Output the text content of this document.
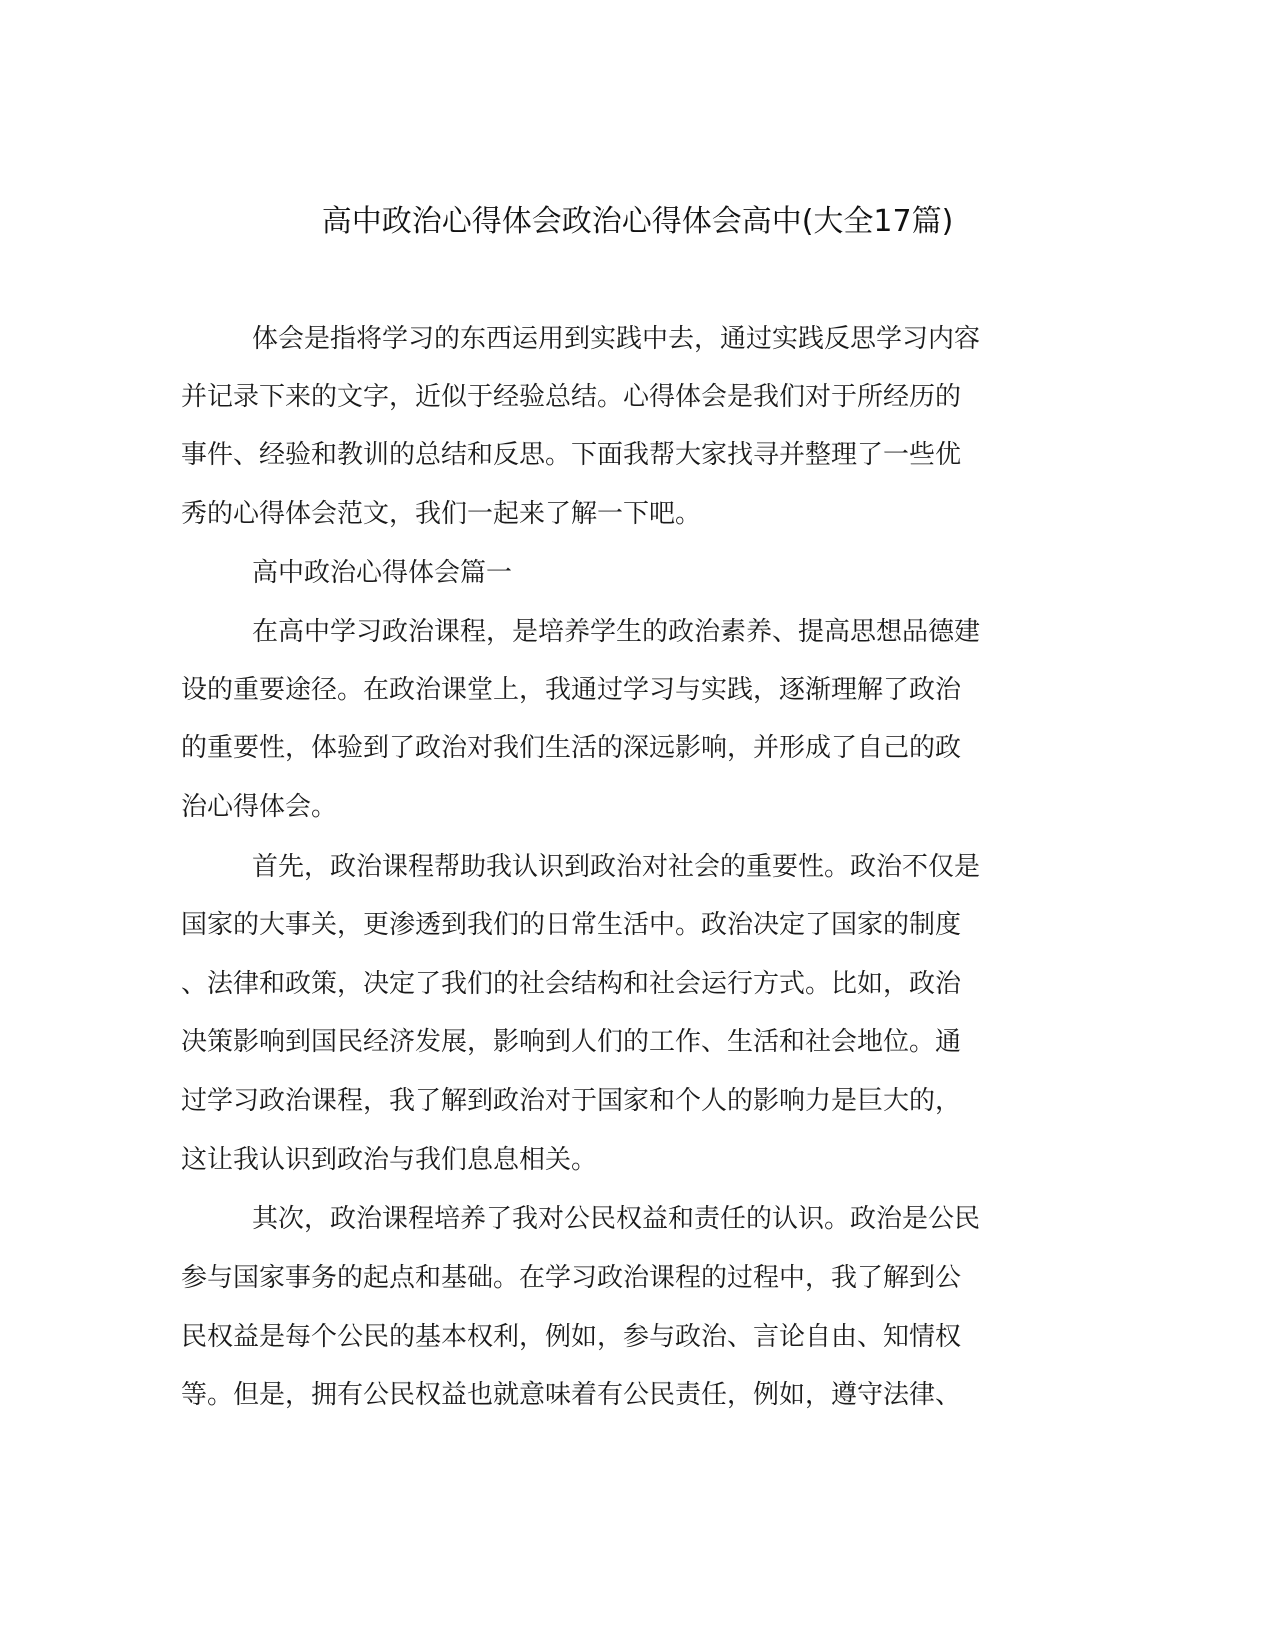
高中政治心得体会政治心得体会高中(大全17篇)
体会是指将学习的东西运用到实践中去，通过实践反思学习内容
并记录下来的文字，近似于经验总结。心得体会是我们对于所经历的
事件、经验和教训的总结和反思。下面我帮大家找寻并整理了一些优
秀的心得体会范文，我们一起来了解一下吧。
高中政治心得体会篇一
在高中学习政治课程，是培养学生的政治素养、提高思想品德建
设的重要途径。在政治课堂上，我通过学习与实践，逐渐理解了政治
的重要性，体验到了政治对我们生活的深远影响，并形成了自己的政
治心得体会。
首先，政治课程帮助我认识到政治对社会的重要性。政治不仅是
国家的大事关，更渗透到我们的日常生活中。政治决定了国家的制度
、法律和政策，决定了我们的社会结构和社会运行方式。比如，政治
决策影响到国民经济发展，影响到人们的工作、生活和社会地位。通
过学习政治课程，我了解到政治对于国家和个人的影响力是巨大的，
这让我认识到政治与我们息息相关。
其次，政治课程培养了我对公民权益和责任的认识。政治是公民
参与国家事务的起点和基础。在学习政治课程的过程中，我了解到公
民权益是每个公民的基本权利，例如，参与政治、言论自由、知情权
等。但是，拥有公民权益也就意味着有公民责任，例如，遵守法律、
